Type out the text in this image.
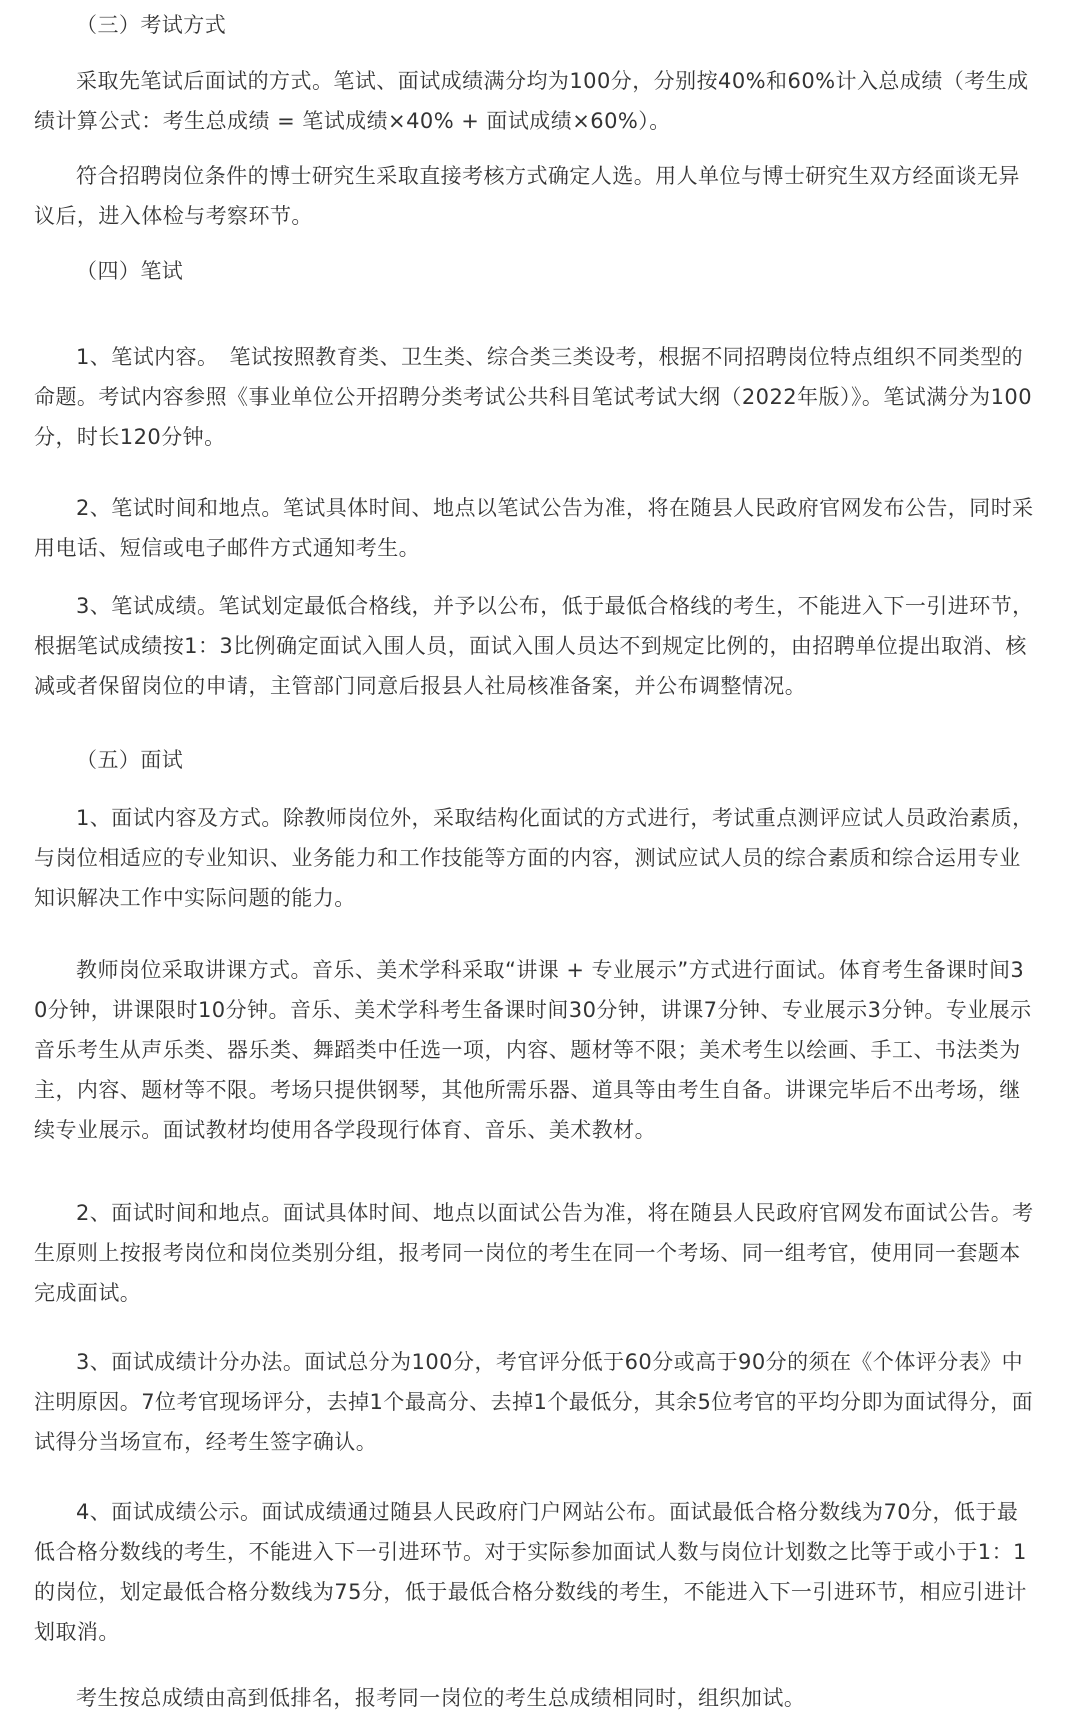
（三）考试方式

采取先笔试后面试的方式。笔试、面试成绩满分均为100分，分别按40%和60%计入总成绩（考生成绩计算公式：考生总成绩 = 笔试成绩×40% + 面试成绩×60%）。

符合招聘岗位条件的博士研究生采取直接考核方式确定人选。用人单位与博士研究生双方经面谈无异议后，进入体检与考察环节。

（四）笔试

1、笔试内容。　笔试按照教育类、卫生类、综合类三类设考，根据不同招聘岗位特点组织不同类型的命题。考试内容参照《事业单位公开招聘分类考试公共科目笔试考试大纲（2022年版）》。笔试满分为100分，时长120分钟。

2、笔试时间和地点。笔试具体时间、地点以笔试公告为准，将在随县人民政府官网发布公告，同时采用电话、短信或电子邮件方式通知考生。

3、笔试成绩。笔试划定最低合格线，并予以公布，低于最低合格线的考生，不能进入下一引进环节，根据笔试成绩按1：3比例确定面试入围人员，面试入围人员达不到规定比例的，由招聘单位提出取消、核减或者保留岗位的申请，主管部门同意后报县人社局核准备案，并公布调整情况。

（五）面试

1、面试内容及方式。除教师岗位外，采取结构化面试的方式进行，考试重点测评应试人员政治素质，与岗位相适应的专业知识、业务能力和工作技能等方面的内容，测试应试人员的综合素质和综合运用专业知识解决工作中实际问题的能力。

教师岗位采取讲课方式。音乐、美术学科采取“讲课 + 专业展示”方式进行面试。体育考生备课时间30分钟，讲课限时10分钟。音乐、美术学科考生备课时间30分钟，讲课7分钟、专业展示3分钟。专业展示音乐考生从声乐类、器乐类、舞蹈类中任选一项，内容、题材等不限；美术考生以绘画、手工、书法类为主，内容、题材等不限。考场只提供钢琴，其他所需乐器、道具等由考生自备。讲课完毕后不出考场，继续专业展示。面试教材均使用各学段现行体育、音乐、美术教材。

2、面试时间和地点。面试具体时间、地点以面试公告为准，将在随县人民政府官网发布面试公告。考生原则上按报考岗位和岗位类别分组，报考同一岗位的考生在同一个考场、同一组考官，使用同一套题本完成面试。

3、面试成绩计分办法。面试总分为100分，考官评分低于60分或高于90分的须在《个体评分表》中注明原因。7位考官现场评分，去掉1个最高分、去掉1个最低分，其余5位考官的平均分即为面试得分，面试得分当场宣布，经考生签字确认。

4、面试成绩公示。面试成绩通过随县人民政府门户网站公布。面试最低合格分数线为70分，低于最低合格分数线的考生，不能进入下一引进环节。对于实际参加面试人数与岗位计划数之比等于或小于1：1的岗位，划定最低合格分数线为75分，低于最低合格分数线的考生，不能进入下一引进环节，相应引进计划取消。

考生按总成绩由高到低排名，报考同一岗位的考生总成绩相同时，组织加试。
